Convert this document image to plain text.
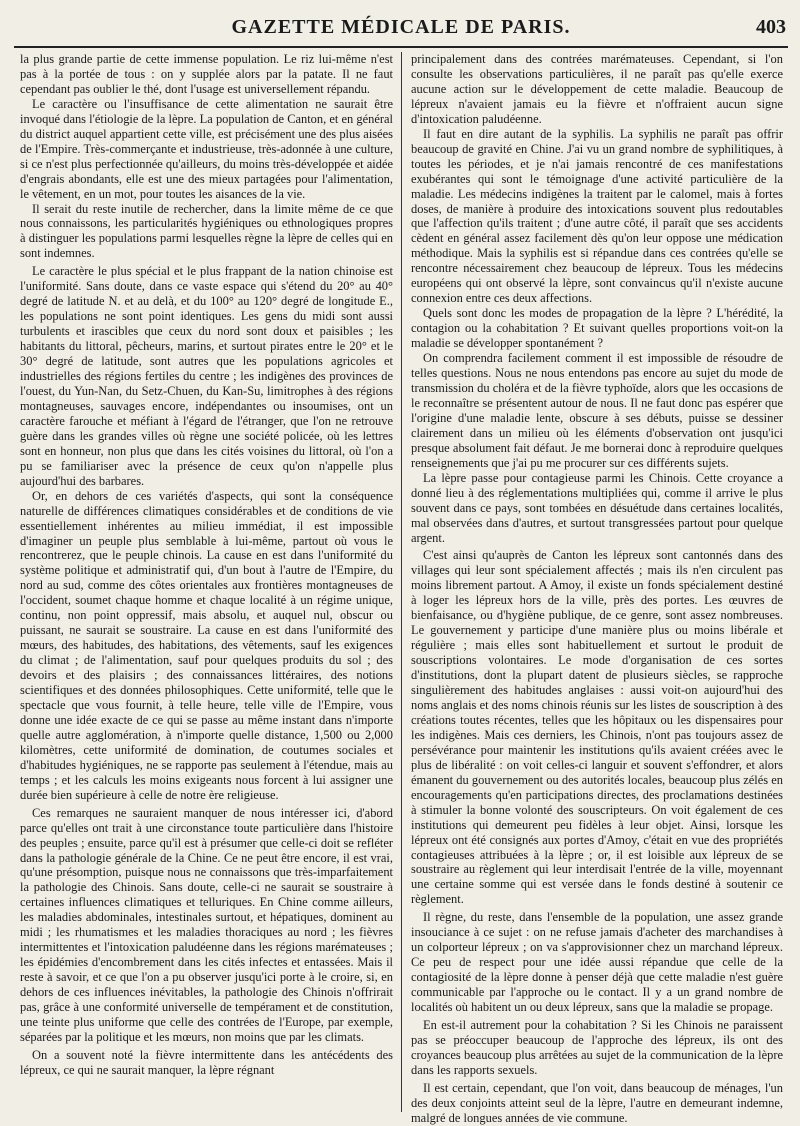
GAZETTE MÉDICALE DE PARIS.	403

la plus grande partie de cette immense population. Le riz lui-même n'est pas à la portée de tous : on y supplée alors par la patate. Il ne faut cependant pas oublier le thé, dont l'usage est universellement répandu.

Le caractère ou l'insuffisance de cette alimentation ne saurait être invoqué dans l'étiologie de la lèpre. La population de Canton, et en général du district auquel appartient cette ville, est précisément une des plus aisées de l'Empire. Très-commerçante et industrieuse, très-adonnée à une culture, si ce n'est plus perfectionnée qu'ailleurs, du moins très-développée et aidée d'engrais abondants, elle est une des mieux partagées pour l'alimentation, le vêtement, en un mot, pour toutes les aisances de la vie.

Il serait du reste inutile de rechercher, dans la limite même de ce que nous connaissons, les particularités hygiéniques ou ethnologiques propres à distinguer les populations parmi lesquelles règne la lèpre de celles qui en sont indemnes.

Le caractère le plus spécial et le plus frappant de la nation chinoise est l'uniformité. Sans doute, dans ce vaste espace qui s'étend du 20° au 40° degré de latitude N. et au delà, et du 100° au 120° degré de longitude E., les populations ne sont point identiques. Les gens du midi sont aussi turbulents et irascibles que ceux du nord sont doux et paisibles ; les habitants du littoral, pêcheurs, marins, et surtout pirates entre le 20° et le 30° degré de latitude, sont autres que les populations agricoles et industrielles des régions fertiles du centre ; les indigènes des provinces de l'ouest, du Yun-Nan, du Setz-Chuen, du Kan-Su, limitrophes à des régions montagneuses, sauvages encore, indépendantes ou insoumises, ont un caractère farouche et méfiant à l'égard de l'étranger, que l'on ne retrouve guère dans les grandes villes où règne une société policée, où les lettres sont en honneur, non plus que dans les cités voisines du littoral, où l'on a pu se familiariser avec la présence de ceux qu'on n'appelle plus aujourd'hui des barbares.

Or, en dehors de ces variétés d'aspects, qui sont la conséquence naturelle de différences climatiques considérables et de conditions de vie essentiellement inhérentes au milieu immédiat, il est impossible d'imaginer un peuple plus semblable à lui-même, partout où vous le rencontrerez, que le peuple chinois. La cause en est dans l'uniformité du système politique et administratif qui, d'un bout à l'autre de l'Empire, du nord au sud, comme des côtes orientales aux frontières montagneuses de l'occident, soumet chaque homme et chaque localité à un régime unique, continu, non point oppressif, mais absolu, et auquel nul, obscur ou puissant, ne saurait se soustraire. La cause en est dans l'uniformité des mœurs, des habitudes, des habitations, des vêtements, sauf les exigences du climat ; de l'alimentation, sauf pour quelques produits du sol ; des devoirs et des plaisirs ; des connaissances littéraires, des notions scientifiques et des données philosophiques. Cette uniformité, telle que le spectacle que vous fournit, à telle heure, telle ville de l'Empire, vous donne une idée exacte de ce qui se passe au même instant dans n'importe quelle autre agglomération, à n'importe quelle distance, 1,500 ou 2,000 kilomètres, cette uniformité de domination, de coutumes sociales et d'habitudes hygiéniques, ne se rapporte pas seulement à l'étendue, mais au temps ; et les calculs les moins exigeants nous forcent à lui assigner une durée bien supérieure à celle de notre ère religieuse.

Ces remarques ne sauraient manquer de nous intéresser ici, d'abord parce qu'elles ont trait à une circonstance toute particulière dans l'histoire des peuples ; ensuite, parce qu'il est à présumer que celle-ci doit se refléter dans la pathologie générale de la Chine. Ce ne peut être encore, il est vrai, qu'une présomption, puisque nous ne connaissons que très-imparfaitement la pathologie des Chinois. Sans doute, celle-ci ne saurait se soustraire à certaines influences climatiques et telluriques. En Chine comme ailleurs, les maladies abdominales, intestinales surtout, et hépatiques, dominent au midi ; les rhumatismes et les maladies thoraciques au nord ; les fièvres intermittentes et l'intoxication paludéenne dans les régions marémateuses ; les épidémies d'encombrement dans les cités infectes et entassées. Mais il reste à savoir, et ce que l'on a pu observer jusqu'ici porte à le croire, si, en dehors de ces influences inévitables, la pathologie des Chinois n'offrirait pas, grâce à une conformité universelle de tempérament et de constitution, une teinte plus uniforme que celle des contrées de l'Europe, par exemple, séparées par la politique et les mœurs, non moins que par les climats.

On a souvent noté la fièvre intermittente dans les antécédents des lépreux, ce qui ne saurait manquer, la lèpre régnant

principalement dans des contrées marémateuses. Cependant, si l'on consulte les observations particulières, il ne paraît pas qu'elle exerce aucune action sur le développement de cette maladie. Beaucoup de lépreux n'avaient jamais eu la fièvre et n'offraient aucun signe d'intoxication paludéenne.

Il faut en dire autant de la syphilis. La syphilis ne paraît pas offrir beaucoup de gravité en Chine. J'ai vu un grand nombre de syphilitiques, à toutes les périodes, et je n'ai jamais rencontré de ces manifestations exubérantes qui sont le témoignage d'une activité particulière de la maladie. Les médecins indigènes la traitent par le calomel, mais à fortes doses, de manière à produire des intoxications souvent plus redoutables que l'affection qu'ils traitent ; d'une autre côté, il paraît que ses accidents cèdent en général assez facilement dès qu'on leur oppose une médication méthodique. Mais la syphilis est si répandue dans ces contrées qu'elle se rencontre nécessairement chez beaucoup de lépreux. Tous les médecins européens qui ont observé la lèpre, sont convaincus qu'il n'existe aucune connexion entre ces deux affections.

Quels sont donc les modes de propagation de la lèpre ? L'hérédité, la contagion ou la cohabitation ? Et suivant quelles proportions voit-on la maladie se développer spontanément ?

On comprendra facilement comment il est impossible de résoudre de telles questions. Nous ne nous entendons pas encore au sujet du mode de transmission du choléra et de la fièvre typhoïde, alors que les occasions de le reconnaître se présentent autour de nous. Il ne faut donc pas espérer que l'origine d'une maladie lente, obscure à ses débuts, puisse se dessiner clairement dans un milieu où les éléments d'observation ont jusqu'ici presque absolument fait défaut. Je me bornerai donc à reproduire quelques renseignements que j'ai pu me procurer sur ces différents sujets.

La lèpre passe pour contagieuse parmi les Chinois. Cette croyance a donné lieu à des réglementations multipliées qui, comme il arrive le plus souvent dans ce pays, sont tombées en désuétude dans certaines localités, mal observées dans d'autres, et surtout transgressées partout pour quelque argent.

C'est ainsi qu'auprès de Canton les lépreux sont cantonnés dans des villages qui leur sont spécialement affectés ; mais ils n'en circulent pas moins librement partout. A Amoy, il existe un fonds spécialement destiné à loger les lépreux hors de la ville, près des portes. Les œuvres de bienfaisance, ou d'hygiène publique, de ce genre, sont assez nombreuses. Le gouvernement y participe d'une manière plus ou moins libérale et régulière ; mais elles sont habituellement et surtout le produit de souscriptions volontaires. Le mode d'organisation de ces sortes d'institutions, dont la plupart datent de plusieurs siècles, se rapproche singulièrement des habitudes anglaises : aussi voit-on aujourd'hui des noms anglais et des noms chinois réunis sur les listes de souscription à des créations toutes récentes, telles que les hôpitaux ou les dispensaires pour les indigènes. Mais ces derniers, les Chinois, n'ont pas toujours assez de persévérance pour maintenir les institutions qu'ils avaient créées avec le plus de libéralité : on voit celles-ci languir et souvent s'effondrer, et alors émanent du gouvernement ou des autorités locales, beaucoup plus zélés en encouragements qu'en participations directes, des proclamations destinées à stimuler la bonne volonté des souscripteurs. On voit également de ces institutions qui demeurent peu fidèles à leur objet. Ainsi, lorsque les lépreux ont été consignés aux portes d'Amoy, c'était en vue des propriétés contagieuses attribuées à la lèpre ; or, il est loisible aux lépreux de se soustraire au règlement qui leur interdisait l'entrée de la ville, moyennant une certaine somme qui est versée dans le fonds destiné à soutenir ce règlement.

Il règne, du reste, dans l'ensemble de la population, une assez grande insouciance à ce sujet : on ne refuse jamais d'acheter des marchandises à un colporteur lépreux ; on va s'approvisionner chez un marchand lépreux. Ce peu de respect pour une idée aussi répandue que celle de la contagiosité de la lèpre donne à penser déjà que cette maladie n'est guère communicable par l'approche ou le contact. Il y a un grand nombre de localités où habitent un ou deux lépreux, sans que la maladie se propage.

En est-il autrement pour la cohabitation ? Si les Chinois ne paraissent pas se préoccuper beaucoup de l'approche des lépreux, ils ont des croyances beaucoup plus arrêtées au sujet de la communication de la lèpre dans les rapports sexuels.

Il est certain, cependant, que l'on voit, dans beaucoup de ménages, l'un des deux conjoints atteint seul de la lèpre, l'autre en demeurant indemne, malgré de longues années de vie commune.
